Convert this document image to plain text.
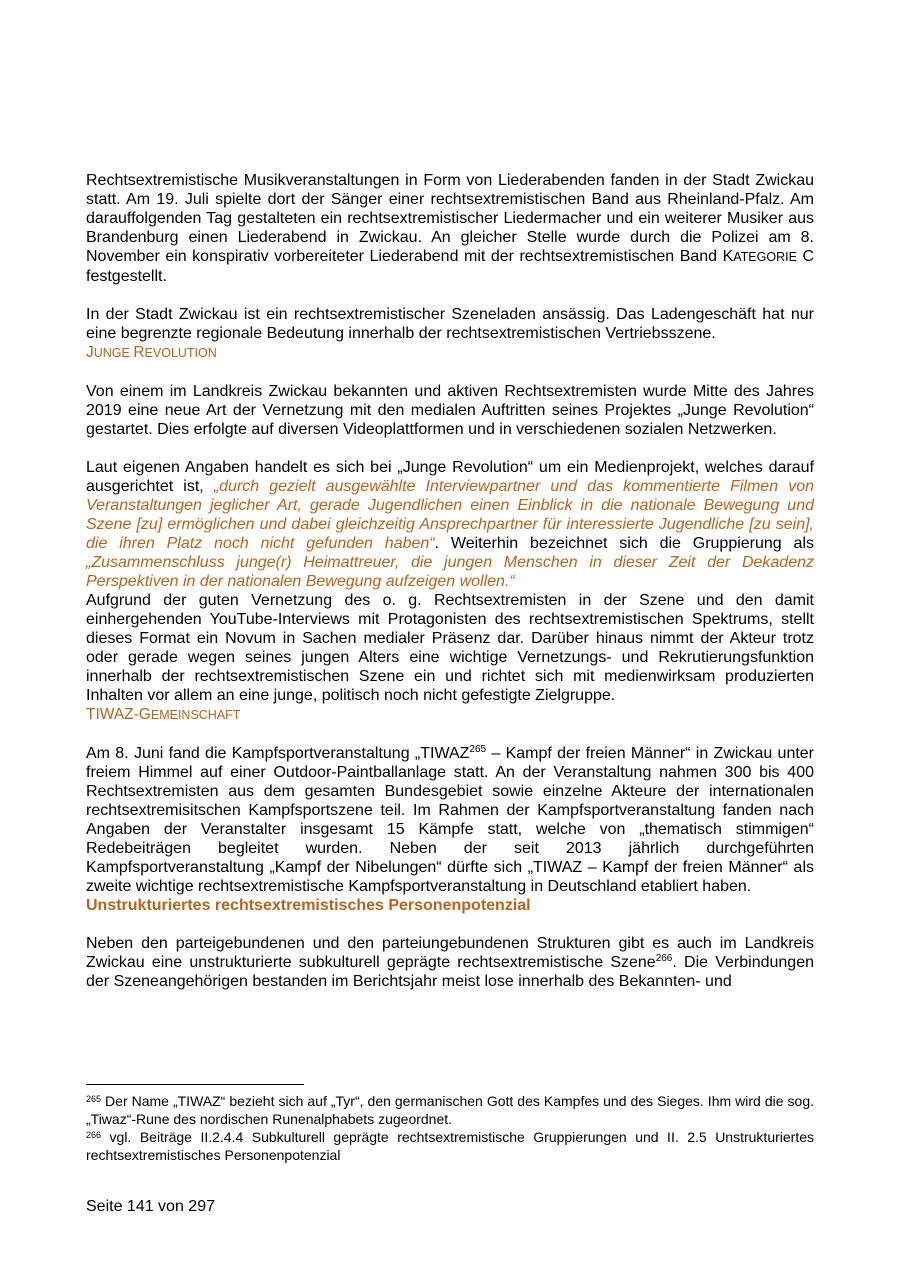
Rechtsextremistische Musikveranstaltungen in Form von Liederabenden fanden in der Stadt Zwickau statt. Am 19. Juli spielte dort der Sänger einer rechtsextremistischen Band aus Rheinland-Pfalz. Am darauffolgenden Tag gestalteten ein rechtsextremistischer Liedermacher und ein weiterer Musiker aus Brandenburg einen Liederabend in Zwickau. An gleicher Stelle wurde durch die Polizei am 8. November ein konspirativ vorbereiteter Liederabend mit der rechtsextremistischen Band KATEGORIE C festgestellt.

In der Stadt Zwickau ist ein rechtsextremistischer Szeneladen ansässig. Das Ladengeschäft hat nur eine begrenzte regionale Bedeutung innerhalb der rechtsextremistischen Vertriebsszene.

JUNGE REVOLUTION

Von einem im Landkreis Zwickau bekannten und aktiven Rechtsextremisten wurde Mitte des Jahres 2019 eine neue Art der Vernetzung mit den medialen Auftritten seines Projektes „Junge Revolution“ gestartet. Dies erfolgte auf diversen Videoplattformen und in verschiedenen sozialen Netzwerken.

Laut eigenen Angaben handelt es sich bei „Junge Revolution“ um ein Medienprojekt, welches darauf ausgerichtet ist, „durch gezielt ausgewählte Interviewpartner und das kommentierte Filmen von Veranstaltungen jeglicher Art, gerade Jugendlichen einen Einblick in die nationale Bewegung und Szene [zu] ermöglichen und dabei gleichzeitig Ansprechpartner für interessierte Jugendliche [zu sein], die ihren Platz noch nicht gefunden haben“. Weiterhin bezeichnet sich die Gruppierung als „Zusammenschluss junge(r) Heimattreuer, die jungen Menschen in dieser Zeit der Dekadenz Perspektiven in der nationalen Bewegung aufzeigen wollen.“

Aufgrund der guten Vernetzung des o. g. Rechtsextremisten in der Szene und den damit einhergehenden YouTube-Interviews mit Protagonisten des rechtsextremistischen Spektrums, stellt dieses Format ein Novum in Sachen medialer Präsenz dar. Darüber hinaus nimmt der Akteur trotz oder gerade wegen seines jungen Alters eine wichtige Vernetzungs- und Rekrutierungsfunktion innerhalb der rechtsextremistischen Szene ein und richtet sich mit medienwirksam produzierten Inhalten vor allem an eine junge, politisch noch nicht gefestigte Zielgruppe.

TIWAZ-GEMEINSCHAFT

Am 8. Juni fand die Kampfsportveranstaltung „TIWAZ$^{265}$ – Kampf der freien Männer“ in Zwickau unter freiem Himmel auf einer Outdoor-Paintballanlage statt. An der Veranstaltung nahmen 300 bis 400 Rechtsextremisten aus dem gesamten Bundesgebiet sowie einzelne Akteure der internationalen rechtsextremisitschen Kampfsportszene teil. Im Rahmen der Kampfsportveranstaltung fanden nach Angaben der Veranstalter insgesamt 15 Kämpfe statt, welche von „thematisch stimmigen“ Redebeiträgen begleitet wurden. Neben der seit 2013 jährlich durchgeführten Kampfsportveranstaltung „Kampf der Nibelungen“ dürfte sich „TIWAZ – Kampf der freien Männer“ als zweite wichtige rechtsextremistische Kampfsportveranstaltung in Deutschland etabliert haben.

Unstrukturiertes rechtsextremistisches Personenpotenzial

Neben den parteigebundenen und den parteiungebundenen Strukturen gibt es auch im Landkreis Zwickau eine unstrukturierte subkulturell geprägte rechtsextremistische Szene$^{266}$. Die Verbindungen der Szeneangehörigen bestanden im Berichtsjahr meist lose innerhalb des Bekannten- und

$^{265}$ Der Name „TIWAZ“ bezieht sich auf „Tyr“, den germanischen Gott des Kampfes und des Sieges. Ihm wird die sog. „Tiwaz“-Rune des nordischen Runenalphabets zugeordnet.

$^{266}$ vgl. Beiträge II.2.4.4 Subkulturell geprägte rechtsextremistische Gruppierungen und II. 2.5 Unstrukturiertes rechtsextremistisches Personenpotenzial

Seite 141 von 297
